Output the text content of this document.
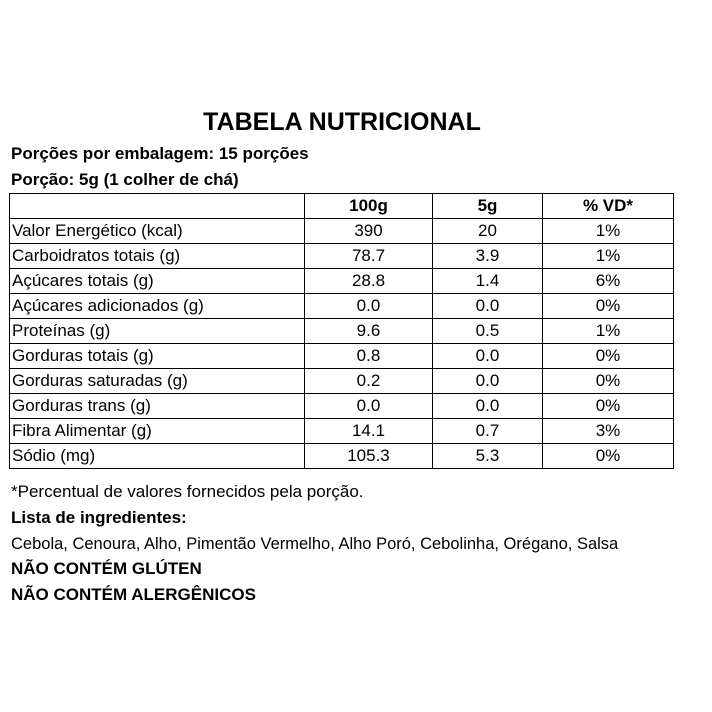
TABELA NUTRICIONAL
Porções por embalagem: 15 porções
Porção: 5g (1 colher de chá)
	100g	5g	% VD*
Valor Energético (kcal)	390	20	1%
Carboidratos totais (g)	78.7	3.9	1%
Açúcares totais (g)	28.8	1.4	6%
Açúcares adicionados (g)	0.0	0.0	0%
Proteínas (g)	9.6	0.5	1%
Gorduras totais (g)	0.8	0.0	0%
Gorduras saturadas (g)	0.2	0.0	0%
Gorduras trans (g)	0.0	0.0	0%
Fibra Alimentar (g)	14.1	0.7	3%
Sódio (mg)	105.3	5.3	0%
*Percentual de valores fornecidos pela porção.
Lista de ingredientes:
Cebola, Cenoura, Alho, Pimentão Vermelho, Alho Poró, Cebolinha, Orégano, Salsa
NÃO CONTÉM GLÚTEN
NÃO CONTÉM ALERGÊNICOS
